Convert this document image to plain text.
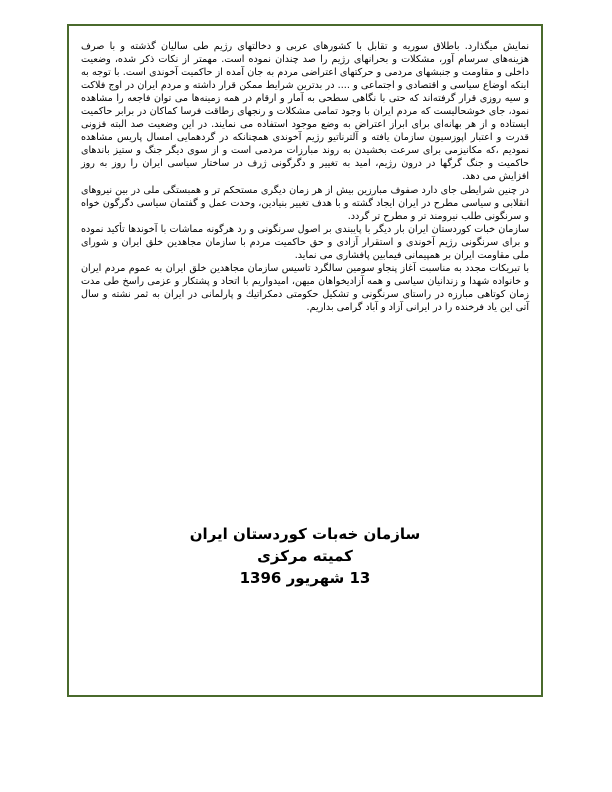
نمایش میگذارد. باطلاق سوریه و تقابل با کشورهای عربی و دخالتهای رژیم طی سالیان گذشته و با صرف هزینه‌های سرسام آور، مشکلات و بحرانهای رژیم را صد چندان نموده است. مهمتر از نکات ذکر شده، وضعیت داخلی و مقاومت و جنبشهای مردمی و حرکتهای اعتراضی مردم به جان آمده از حاکمیت آخوندی است. با توجه به اینکه اوضاع سیاسی و اقتصادی و اجتماعی و .... در بدترین شرایط ممکن قرار داشته و مردم ایران در اوج فلاکت و سیه روزی قرار گرفته‌اند که حتی با نگاهی سطحی به آمار و ارقام در همه زمینه‌ها می توان فاجعه را مشاهده نمود، جای خوشحالیست که مردم ایران با وجود تمامی مشکلات و رنجهای زطاقت فرسا کماکان در برابر حاکمیت ایستاده و از هر بهانه‌ای برای ابراز اعتراض به وضع موجود استفاده می نمایند. در این وضعیت صد البته فزونی قدرت و اعتبار اپوزسیون سازمان یافته و آلترناتیو رژیم آخوندی همچنانکه در گردهمایی امسال پاریس مشاهده نمودیم ،که مکانیزمی برای سرعت بخشیدن به روند مبارزات مردمی است و از سوی دیگر جنگ و ستیز باندهای حاکمیت و جنگ گرگها در درون رژیم، امید به تغییر و دگرگونی ژرف در ساختار سیاسی ایران را روز به روز افزایش می دهد.

در چنین شرایطی جای دارد صفوف مبارزین بیش از هر زمان دیگری مستحکم تر و همبستگی ملی در بین نیروهای انقلابی و سیاسی مطرح در ایران ایجاد گشته و با هدف تغییر بنیادین، وحدت عمل و گفتمان سیاسی دگرگون خواه و سرنگونی طلب نیرومند تر و مطرح تر گردد.

سازمان خبات کوردستان ایران بار دیگر با پایبندی بر اصول سرنگونی و رد هرگونه مماشات با آخوندها تأکید نموده و برای سرنگونی رژیم آخوندی و استقرار آزادی و حق حاکمیت مردم با سازمان مجاهدین خلق ایران و شورای ملی مقاومت ایران بر همپیمانی فیمابین پافشاری می نماید.

با تبریکات مجدد به مناسبت آغاز پنجاو سومین سالگرد تاسیس سازمان مجاهدین خلق ایران به عموم مردم ایران و خانواده شهدا و زندانیان سیاسی و همه آزادیخواهان میهن، امیدواریم با اتحاد و پشتکار و عزمی راسخ طی مدت زمان کوتاهی مبارزه در راستای سرنگونی و تشکیل حکومتی دمکراتیك و پارلمانی در ایران به ثمر نشته و سال آتی این یاد فرخنده را در ایرانی آزاد و آباد گرامی بداریم.

سازمان خەبات کوردستان ایران
کمیته مرکزی
13 شهریور 1396
